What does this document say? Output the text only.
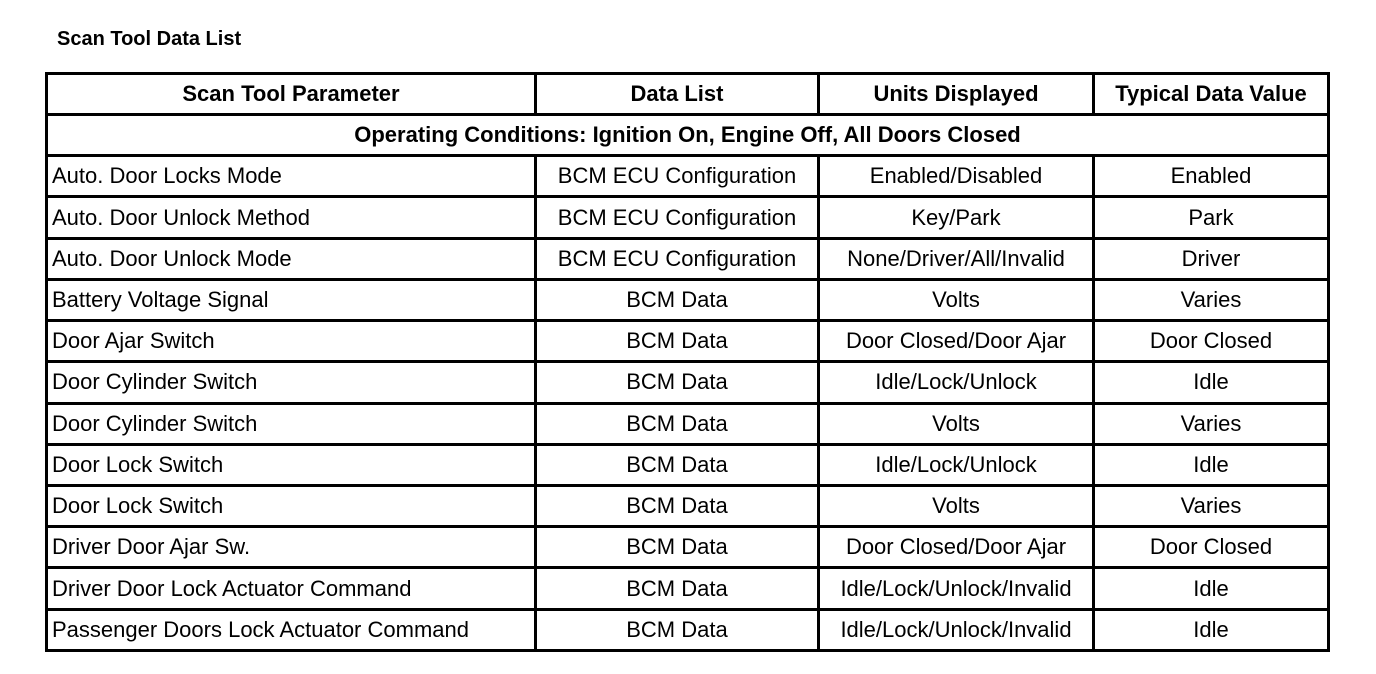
Scan Tool Data List
Scan Tool Parameter	Data List	Units Displayed	Typical Data Value
Operating Conditions: Ignition On, Engine Off, All Doors Closed			
Auto. Door Locks Mode	BCM ECU Configuration	Enabled/Disabled	Enabled
Auto. Door Unlock Method	BCM ECU Configuration	Key/Park	Park
Auto. Door Unlock Mode	BCM ECU Configuration	None/Driver/All/Invalid	Driver
Battery Voltage Signal	BCM Data	Volts	Varies
Door Ajar Switch	BCM Data	Door Closed/Door Ajar	Door Closed
Door Cylinder Switch	BCM Data	Idle/Lock/Unlock	Idle
Door Cylinder Switch	BCM Data	Volts	Varies
Door Lock Switch	BCM Data	Idle/Lock/Unlock	Idle
Door Lock Switch	BCM Data	Volts	Varies
Driver Door Ajar Sw.	BCM Data	Door Closed/Door Ajar	Door Closed
Driver Door Lock Actuator Command	BCM Data	Idle/Lock/Unlock/Invalid	Idle
Passenger Doors Lock Actuator Command	BCM Data	Idle/Lock/Unlock/Invalid	Idle
